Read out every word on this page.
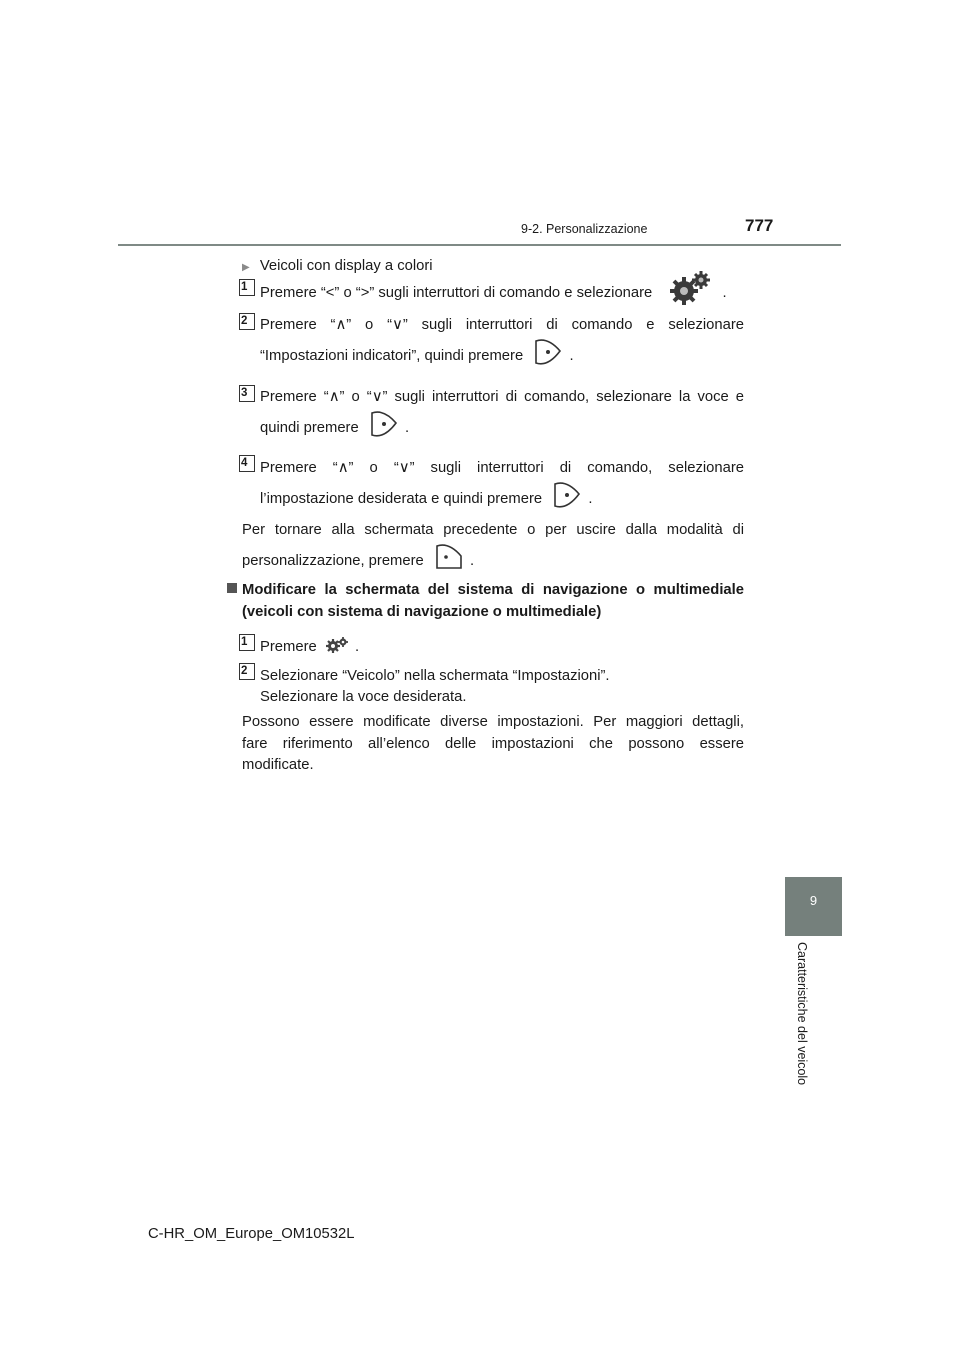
9-2. Personalizzazione	777
9
Caratteristiche del veicolo
▶ Veicoli con display a colori
1 Premere “<” o “>” sugli interruttori di comando e selezionare	.
2 Premere “∧” o “∨” sugli interruttori di comando e selezionare
“Impostazioni indicatori”, quindi premere	.
3 Premere “∧” o “∨” sugli interruttori di comando, selezionare la voce e
quindi premere	.
4 Premere “∧” o “∨” sugli interruttori di comando, selezionare
l’impostazione desiderata e quindi premere	.
Per tornare alla schermata precedente o per uscire dalla modalità di
personalizzazione, premere	.
Modificare la schermata del sistema di navigazione o multimediale
(veicoli con sistema di navigazione o multimediale)
1 Premere	.
2 Selezionare “Veicolo” nella schermata “Impostazioni”.
Selezionare la voce desiderata.
Possono essere modificate diverse impostazioni. Per maggiori dettagli,
fare riferimento all’elenco delle impostazioni che possono essere
modificate.
C-HR_OM_Europe_OM10532L
